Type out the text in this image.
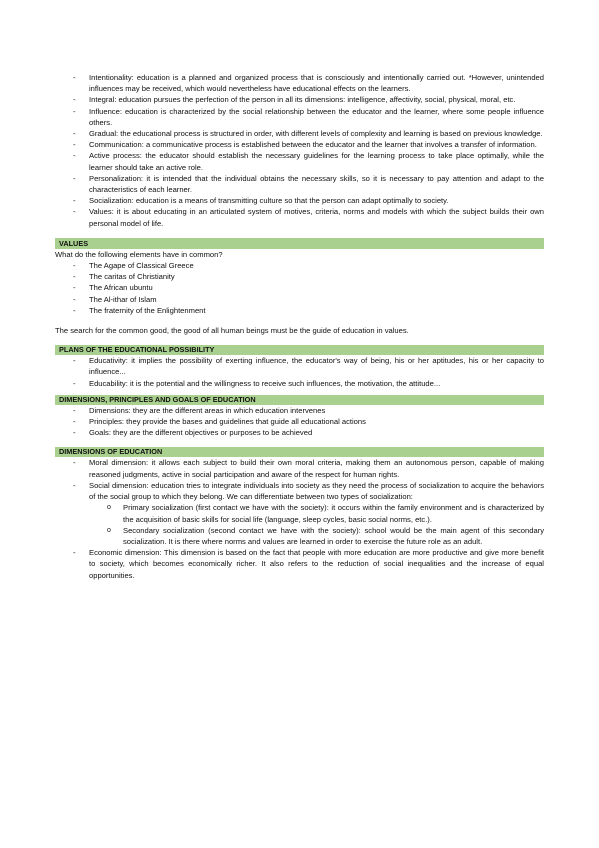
- Intentionality: education is a planned and organized process that is consciously and intentionally carried out. *However, unintended influences may be received, which would nevertheless have educational effects on the learners.
- Integral: education pursues the perfection of the person in all its dimensions: intelligence, affectivity, social, physical, moral, etc.
- Influence: education is characterized by the social relationship between the educator and the learner, where some people influence others.
- Gradual: the educational process is structured in order, with different levels of complexity and learning is based on previous knowledge.
- Communication: a communicative process is established between the educator and the learner that involves a transfer of information.
- Active process: the educator should establish the necessary guidelines for the learning process to take place optimally, while the learner should take an active role.
- Personalization: it is intended that the individual obtains the necessary skills, so it is necessary to pay attention and adapt to the characteristics of each learner.
- Socialization: education is a means of transmitting culture so that the person can adapt optimally to society.
- Values: it is about educating in an articulated system of motives, criteria, norms and models with which the subject builds their own personal model of life.
VALUES

What do the following elements have in common?

- The Agape of Classical Greece
- The caritas of Christianity
- The African ubuntu
- The Al-ithar of Islam
- The fraternity of the Enlightenment

The search for the common good, the good of all human beings must be the guide of education in values.

PLANS OF THE EDUCATIONAL POSSIBILITY
- Educativity: it implies the possibility of exerting influence, the educator's way of being, his or her aptitudes, his or her capacity to influence...
- Educability: it is the potential and the willingness to receive such influences, the motivation, the attitude...
DIMENSIONS, PRINCIPLES AND GOALS OF EDUCATION
- Dimensions: they are the different areas in which education intervenes
- Principles: they provide the bases and guidelines that guide all educational actions
- Goals: they are the different objectives or purposes to be achieved
DIMENSIONS OF EDUCATION
- Moral dimension: it allows each subject to build their own moral criteria, making them an autonomous person, capable of making reasoned judgments, active in social participation and aware of the respect for human rights.
- Social dimension: education tries to integrate individuals into society as they need the process of socialization to acquire the behaviors of the social group to which they belong. We can differentiate between two types of socialization:
o Primary socialization (first contact we have with the society): it occurs within the family environment and is characterized by the acquisition of basic skills for social life (language, sleep cycles, basic social norms, etc.).
o Secondary socialization (second contact we have with the society): school would be the main agent of this secondary socialization. It is there where norms and values are learned in order to exercise the future role as an adult.
- Economic dimension: This dimension is based on the fact that people with more education are more productive and give more benefit to society, which becomes economically richer. It also refers to the reduction of social inequalities and the increase of equal opportunities.
